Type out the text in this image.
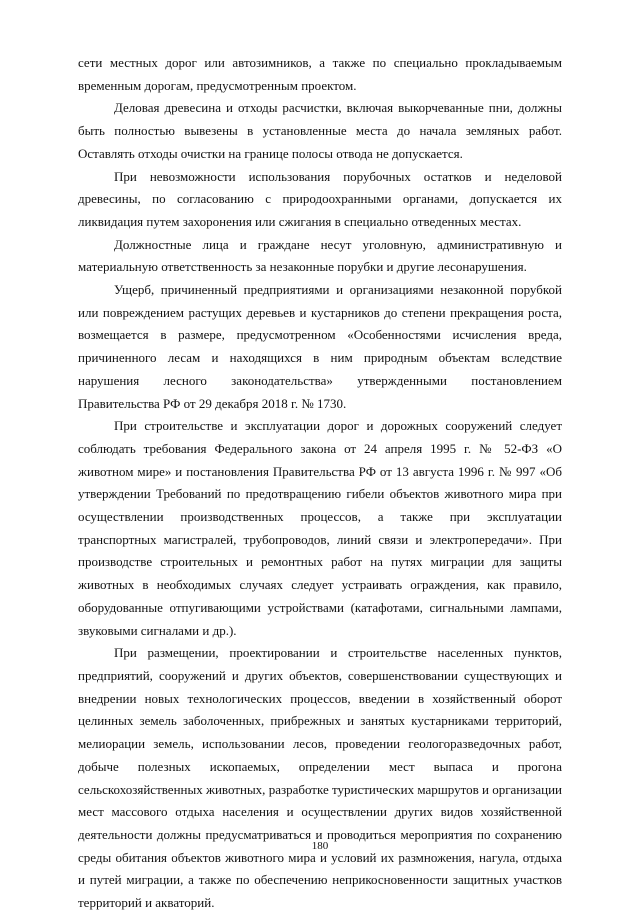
сети местных дорог или автозимников, а также по специально прокладываемым временным дорогам, предусмотренным проектом.

Деловая древесина и отходы расчистки, включая выкорчеванные пни, должны быть полностью вывезены в установленные места до начала земляных работ. Оставлять отходы очистки на границе полосы отвода не допускается.

При невозможности использования порубочных остатков и неделовой древесины, по согласованию с природоохранными органами, допускается их ликвидация путем захоронения или сжигания в специально отведенных местах.

Должностные лица и граждане несут уголовную, административную и материальную ответственность за незаконные порубки и другие лесонарушения.

Ущерб, причиненный предприятиями и организациями незаконной порубкой или повреждением растущих деревьев и кустарников до степени прекращения роста, возмещается в размере, предусмотренном «Особенностями исчисления вреда, причиненного лесам и находящихся в ним природным объектам вследствие нарушения лесного законодательства» утвержденными постановлением Правительства РФ от 29 декабря 2018 г. № 1730.

При строительстве и эксплуатации дорог и дорожных сооружений следует соблюдать требования Федерального закона от 24 апреля 1995 г. № 52-ФЗ «О животном мире» и постановления Правительства РФ от 13 августа 1996 г. № 997 «Об утверждении Требований по предотвращению гибели объектов животного мира при осуществлении производственных процессов, а также при эксплуатации транспортных магистралей, трубопроводов, линий связи и электропередачи». При производстве строительных и ремонтных работ на путях миграции для защиты животных в необходимых случаях следует устраивать ограждения, как правило, оборудованные отпугивающими устройствами (катафотами, сигнальными лампами, звуковыми сигналами и др.).

При размещении, проектировании и строительстве населенных пунктов, предприятий, сооружений и других объектов, совершенствовании существующих и внедрении новых технологических процессов, введении в хозяйственный оборот целинных земель заболоченных, прибрежных и занятых кустарниками территорий, мелиорации земель, использовании лесов, проведении геологоразведочных работ, добыче полезных ископаемых, определении мест выпаса и прогона сельскохозяйственных животных, разработке туристических маршрутов и организации мест массового отдыха населения и осуществлении других видов хозяйственной деятельности должны предусматриваться и проводиться мероприятия по сохранению среды обитания объектов животного мира и условий их размножения, нагула, отдыха и путей миграции, а также по обеспечению неприкосновенности защитных участков территорий и акваторий.

180
